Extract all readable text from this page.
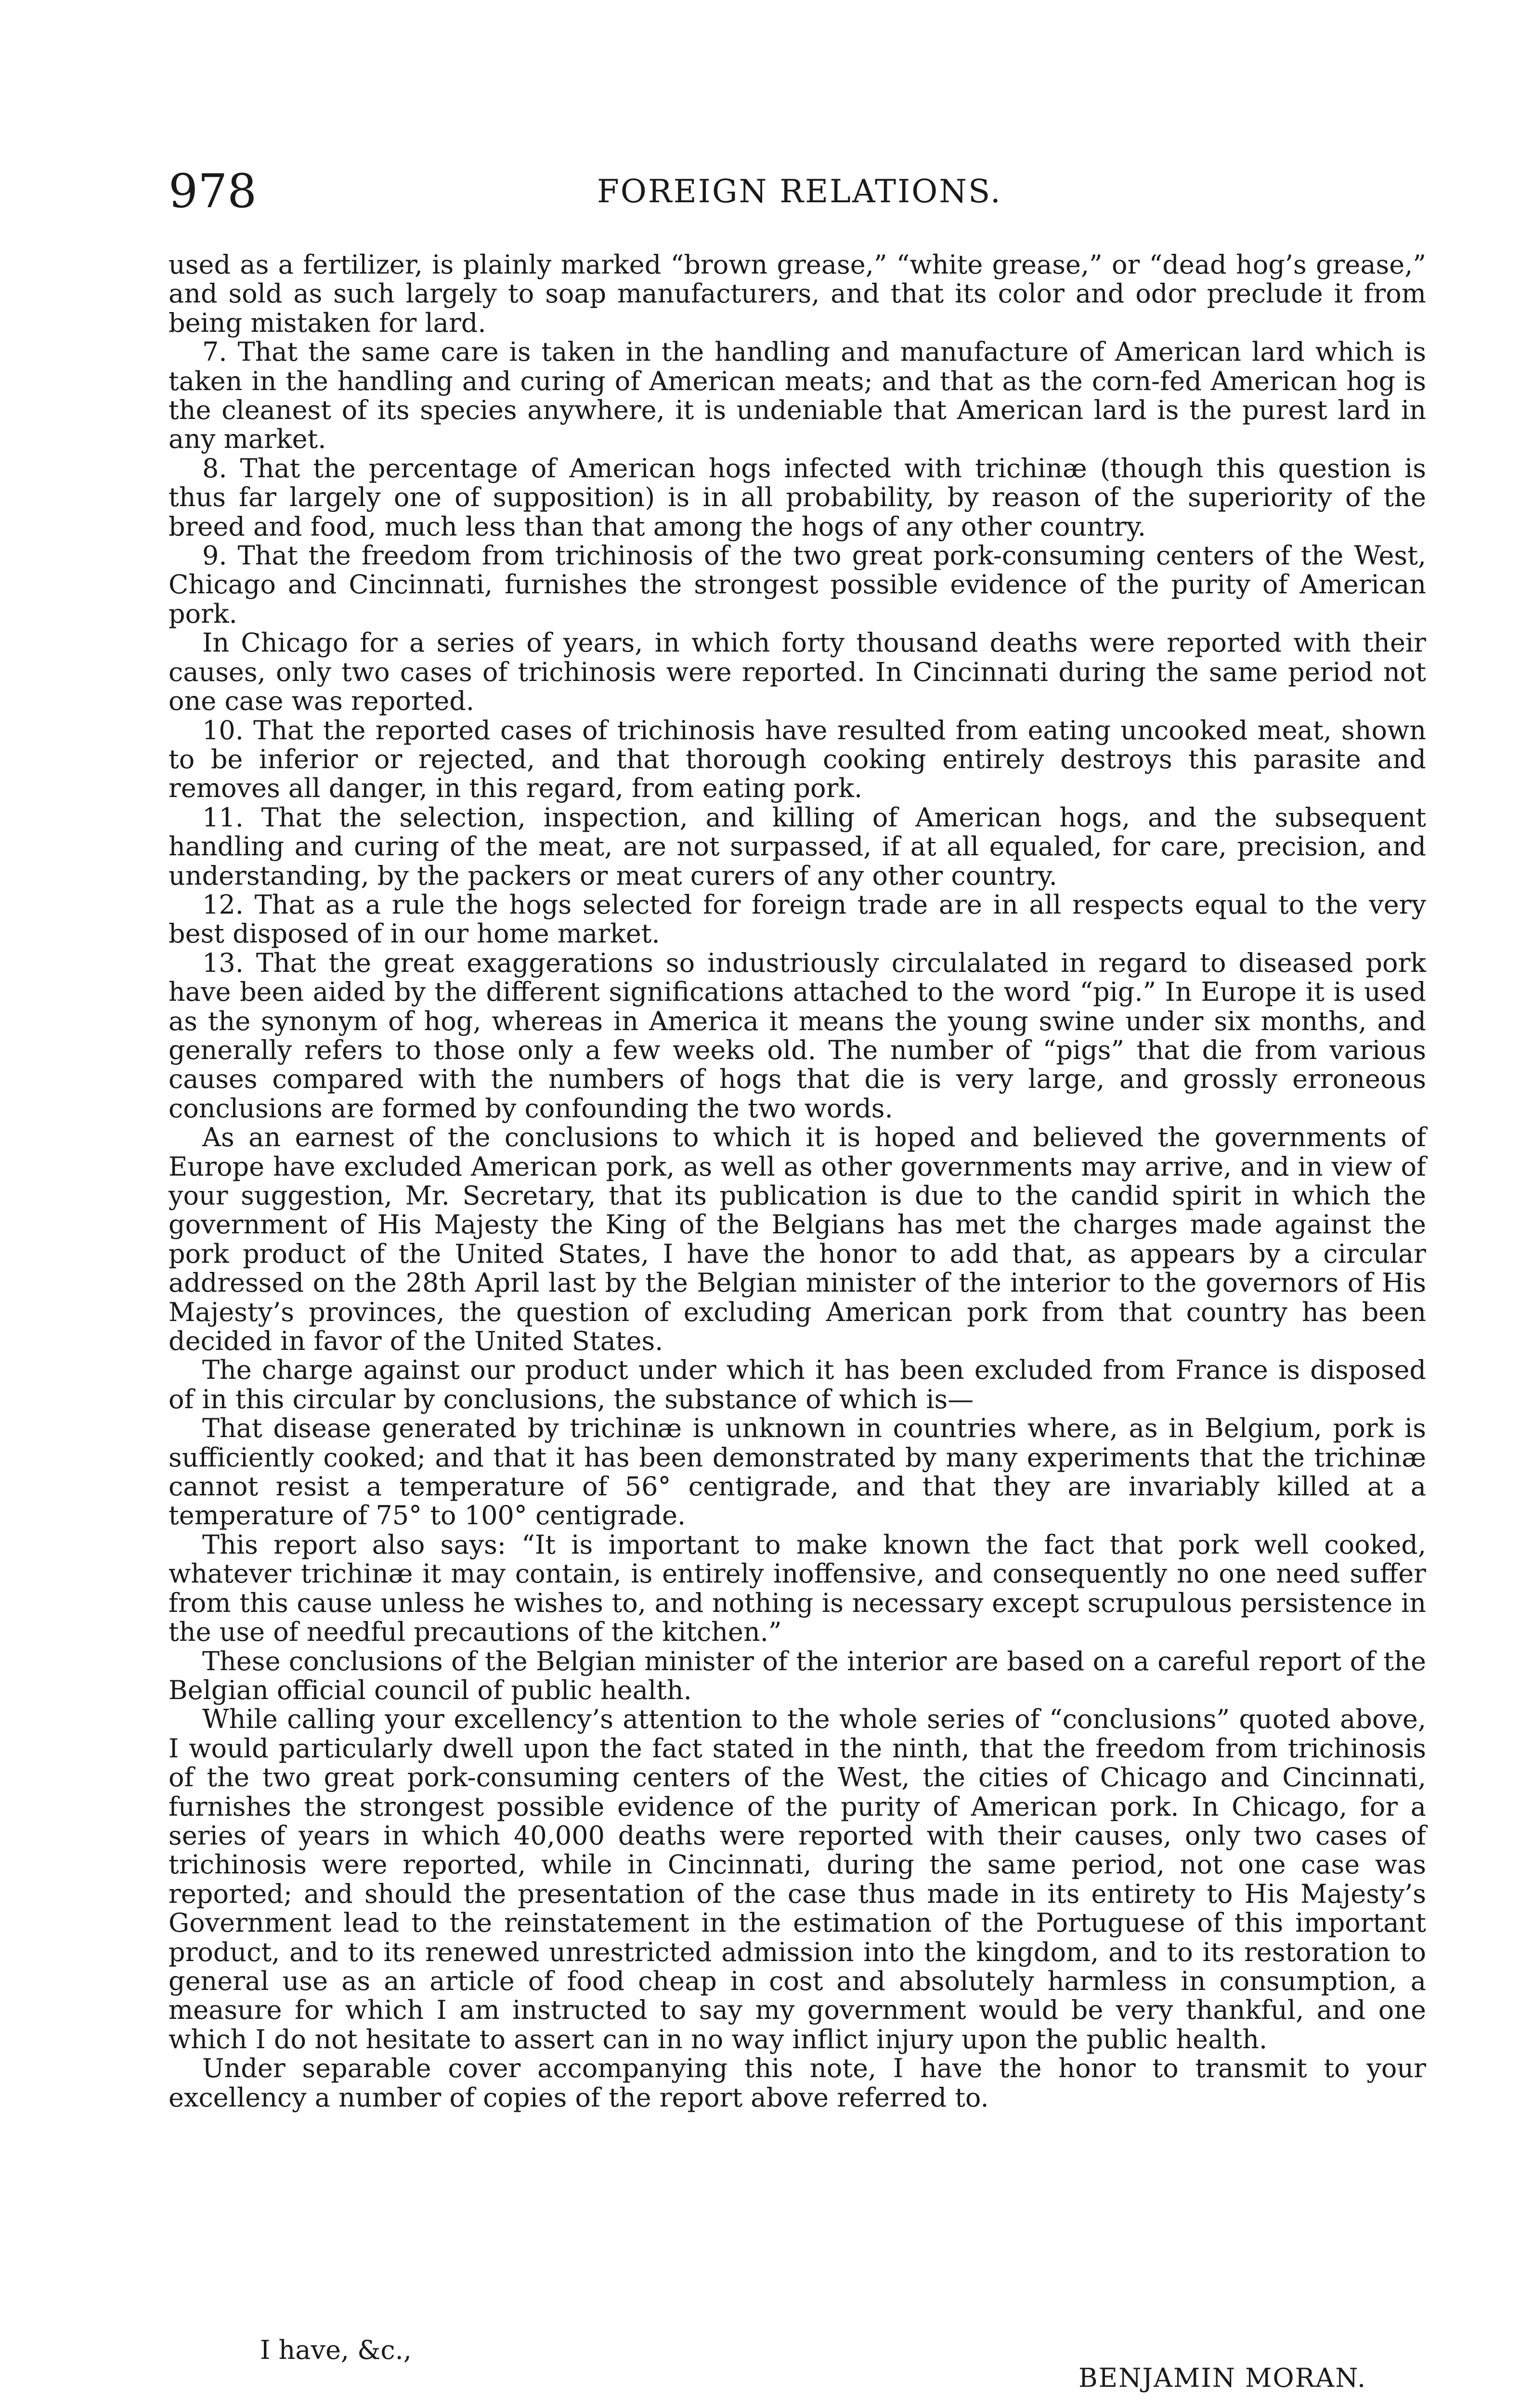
978	FOREIGN RELATIONS.

used as a fertilizer, is plainly marked “brown grease,” “white grease,” or “dead hog’s grease,” and sold as such largely to soap manufacturers, and that its color and odor preclude it from being mistaken for lard.

7. That the same care is taken in the handling and manufacture of American lard which is taken in the handling and curing of American meats; and that as the corn-fed American hog is the cleanest of its species anywhere, it is undeniable that American lard is the purest lard in any market.

8. That the percentage of American hogs infected with trichinæ (though this question is thus far largely one of supposition) is in all probability, by reason of the superiority of the breed and food, much less than that among the hogs of any other country.

9. That the freedom from trichinosis of the two great pork-consuming centers of the West, Chicago and Cincinnati, furnishes the strongest possible evidence of the purity of American pork.

In Chicago for a series of years, in which forty thousand deaths were reported with their causes, only two cases of trichinosis were reported. In Cincinnati during the same period not one case was reported.

10. That the reported cases of trichinosis have resulted from eating uncooked meat, shown to be inferior or rejected, and that thorough cooking entirely destroys this parasite and removes all danger, in this regard, from eating pork.

11. That the selection, inspection, and killing of American hogs, and the subsequent handling and curing of the meat, are not surpassed, if at all equaled, for care, precision, and understanding, by the packers or meat curers of any other country.

12. That as a rule the hogs selected for foreign trade are in all respects equal to the very best disposed of in our home market.

13. That the great exaggerations so industriously circulalated in regard to diseased pork have been aided by the different significations attached to the word “pig.” In Europe it is used as the synonym of hog, whereas in America it means the young swine under six months, and generally refers to those only a few weeks old. The number of “pigs” that die from various causes compared with the numbers of hogs that die is very large, and grossly erroneous conclusions are formed by confounding the two words.

As an earnest of the conclusions to which it is hoped and believed the governments of Europe have excluded American pork, as well as other governments may arrive, and in view of your suggestion, Mr. Secretary, that its publication is due to the candid spirit in which the government of His Majesty the King of the Belgians has met the charges made against the pork product of the United States, I have the honor to add that, as appears by a circular addressed on the 28th April last by the Belgian minister of the interior to the governors of His Majesty’s provinces, the question of excluding American pork from that country has been decided in favor of the United States.

The charge against our product under which it has been excluded from France is disposed of in this circular by conclusions, the substance of which is—

That disease generated by trichinæ is unknown in countries where, as in Belgium, pork is sufficiently cooked; and that it has been demonstrated by many experiments that the trichinæ cannot resist a temperature of 56° centigrade, and that they are invariably killed at a temperature of 75° to 100° centigrade.

This report also says: “It is important to make known the fact that pork well cooked, whatever trichinæ it may contain, is entirely inoffensive, and consequently no one need suffer from this cause unless he wishes to, and nothing is necessary except scrupulous persistence in the use of needful precautions of the kitchen.”

These conclusions of the Belgian minister of the interior are based on a careful report of the Belgian official council of public health.

While calling your excellency’s attention to the whole series of “conclusions” quoted above, I would particularly dwell upon the fact stated in the ninth, that the freedom from trichinosis of the two great pork-consuming centers of the West, the cities of Chicago and Cincinnati, furnishes the strongest possible evidence of the purity of American pork. In Chicago, for a series of years in which 40,000 deaths were reported with their causes, only two cases of trichinosis were reported, while in Cincinnati, during the same period, not one case was reported; and should the presentation of the case thus made in its entirety to His Majesty’s Government lead to the reinstatement in the estimation of the Portuguese of this important product, and to its renewed unrestricted admission into the kingdom, and to its restoration to general use as an article of food cheap in cost and absolutely harmless in consumption, a measure for which I am instructed to say my government would be very thankful, and one which I do not hesitate to assert can in no way inflict injury upon the public health.

Under separable cover accompanying this note, I have the honor to transmit to your excellency a number of copies of the report above referred to.

I have, &c.,
BENJAMIN MORAN.
